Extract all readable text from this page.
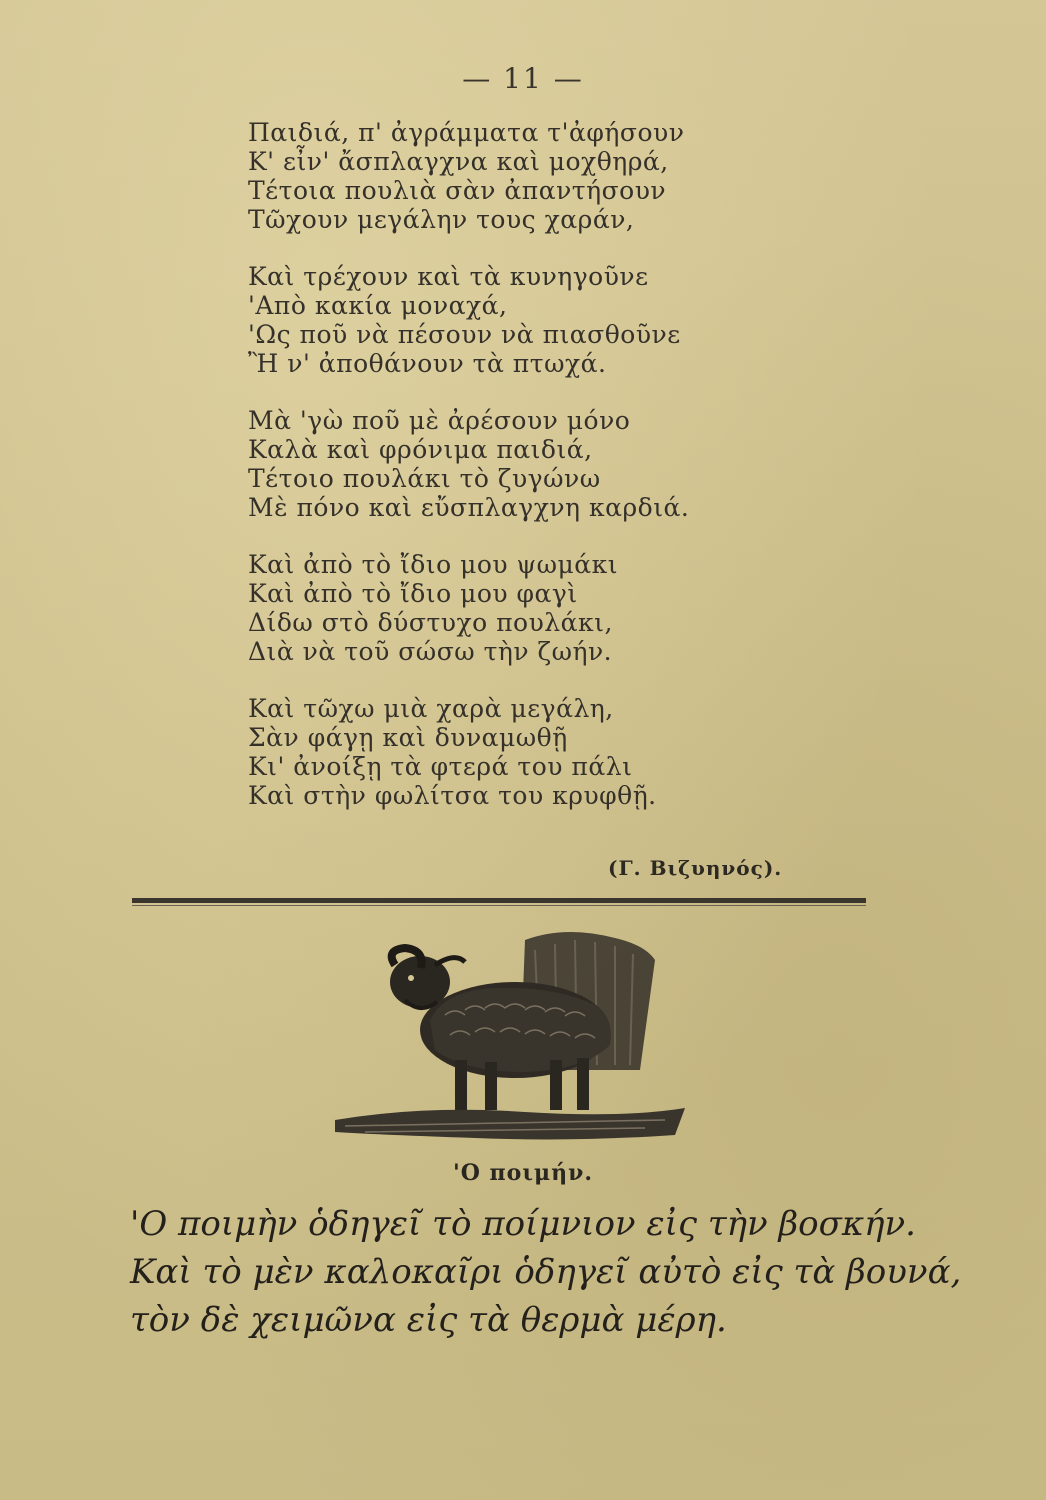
— 11 —
Παιδιά, π' ἀγράμματα τ'ἀφήσουν
Κ' εἶν' ἄσπλαγχνα καὶ μοχθηρά,
Τέτοια πουλιὰ σὰν ἀπαντήσουν
Τῶχουν μεγάλην τους χαράν,
Καὶ τρέχουν καὶ τὰ κυνηγοῦνε
'Απὸ κακία μοναχά,
'Ως ποῦ νὰ πέσουν νὰ πιασθοῦνε
Ἢ ν' ἀποθάνουν τὰ πτωχά.
Μὰ 'γὼ ποῦ μὲ ἀρέσουν μόνο
Καλὰ καὶ φρόνιμα παιδιά,
Τέτοιο πουλάκι τὸ ζυγώνω
Μὲ πόνο καὶ εὔσπλαγχνη καρδιά.
Καὶ ἀπὸ τὸ ἴδιο μου ψωμάκι
Καὶ ἀπὸ τὸ ἴδιο μου φαγὶ
Δίδω στὸ δύστυχο πουλάκι,
Διὰ νὰ τοῦ σώσω τὴν ζωήν.
Καὶ τῶχω μιὰ χαρὰ μεγάλη,
Σὰν φάγῃ καὶ δυναμωθῇ
Κι' ἀνοίξῃ τὰ φτερά του πάλι
Καὶ στὴν φωλίτσα του κρυφθῇ.
(Γ. Βιζυηνός).
'Ο ποιμήν.
'Ο ποιμὴν ὁδηγεῖ τὸ ποίμνιον εἰς τὴν βοσκήν.
Καὶ τὸ μὲν καλοκαῖρι ὁδηγεῖ αὐτὸ εἰς τὰ βουνά,
τὸν δὲ χειμῶνα εἰς τὰ θερμὰ μέρη.
